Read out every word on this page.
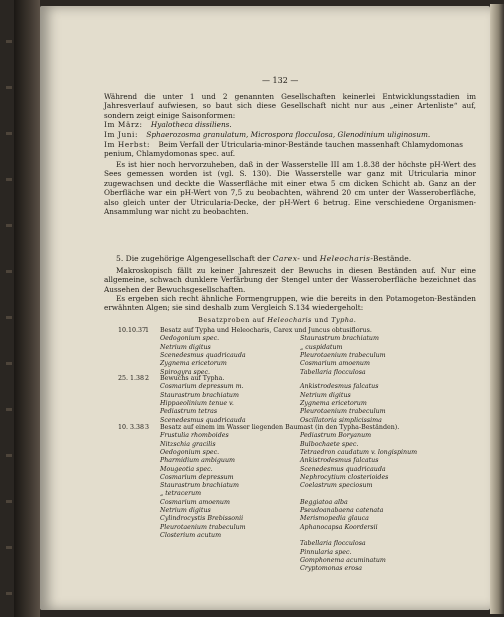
— 132 —
Während die unter 1 und 2 genannten Gesellschaften keinerlei Entwicklungsstadien im Jahresverlauf aufwiesen, so baut sich diese Gesellschaft nicht nur aus „einer Artenliste“ auf, sondern zeigt einige Saisonformen:
Im März: Hyalotheca dissiliens.
Im Juni: Sphaerozosma granulatum, Microspora floccuIosa, Glenodinium uliginosum.
Im Herbst: Beim Verfall der Utricularia-minor-Bestände tauchen massenhaft Chlamydomonas penium, Chlamydomonas spec. auf.
Es ist hier noch hervorzuheben, daß in der Wasserstelle III am 1.8.38 der höchste pH-Wert des Sees gemessen worden ist (vgl. S. 130). Die Wasserstelle war ganz mit Utricularia minor zugewachsen und deckte die Wasserfläche mit einer etwa 5 cm dicken Schicht ab. Ganz an der Oberfläche war ein pH-Wert von 7,5 zu beobachten, während 20 cm unter der Wasseroberfläche, also gleich unter der Utricularia-Decke, der pH-Wert 6 betrug. Eine verschiedene Organismen-Ansammlung war nicht zu beobachten.
5. Die zugehörige Algengesellschaft der Carex- und Heleocharis-Bestände.
Makroskopisch fällt zu keiner Jahreszeit der Bewuchs in diesen Beständen auf. Nur eine allgemeine, schwach dunklere Verfärbung der Stengel unter der Wasseroberfläche bezeichnet das Aussehen der Bewuchsgesellschaften.
Es ergeben sich recht ähnliche Formengruppen, wie die bereits in den Potamogeton-Beständen erwähnten Algen; sie sind deshalb zum Vergleich S.134 wiedergeholt:
Besatzproben auf Heleocharis und Typha.
10.10.37
1 Besatz auf Typha und Heleocharis, Carex und Juncus obtusiflorus.
Oedogonium spec.
Netrium digitus
Scenedesmus quadricauda
Zygnema ericetorum
Spirogyra spec.
Staurastrum brachiatum
„ cuspidatum
Pleurotaenium trabeculum
Cosmarium amoenum
Tabellaria flocculosa
25. 1.38 2 Bewuchs auf Typha.
Cosmarium depressum m.
Staurastrum brachiatum
Hippaeolinium tenue v.
Pediastrum tetras
Scenedesmus quadricauda
Ankistrodesmus falcatus
Netrium digitus
Zygnema ericetorum
Pleurotaenium trabeculum
Oscillatoria simplicissima
10. 3.38 3 Besatz auf einem im Wasser liegenden Baumast (in den Typha-Beständen).
Frustulia rhomboides
Nitzschia gracilis
Oedogonium spec.
Pharmidium ambiguum
Mougeotia spec.
Cosmarium depressum
Staurastrum brachiatum
„ tetracerum
Cosmarium amoenum
Netrium digitus
Cylindrocystis Brebissonii
Pleurotaenium trabeculum
Closterium acutum
Pediastrum Boryanum
Bulbochaete spec.
Tetraedron caudatum v. longispinum
Ankistrodesmus falcatus
Scenedesmus quadricauda
Nephrocytium closterioides
Coelastrum speciosum
Beggiatoa alba
Pseudoanabaena catenata
Merismopedia glauca
Aphanocapsa Koordersii
Tabellaria flocculosa
Pinnularia spec.
Gomphonema acuminatum
Cryptomonas erosa
